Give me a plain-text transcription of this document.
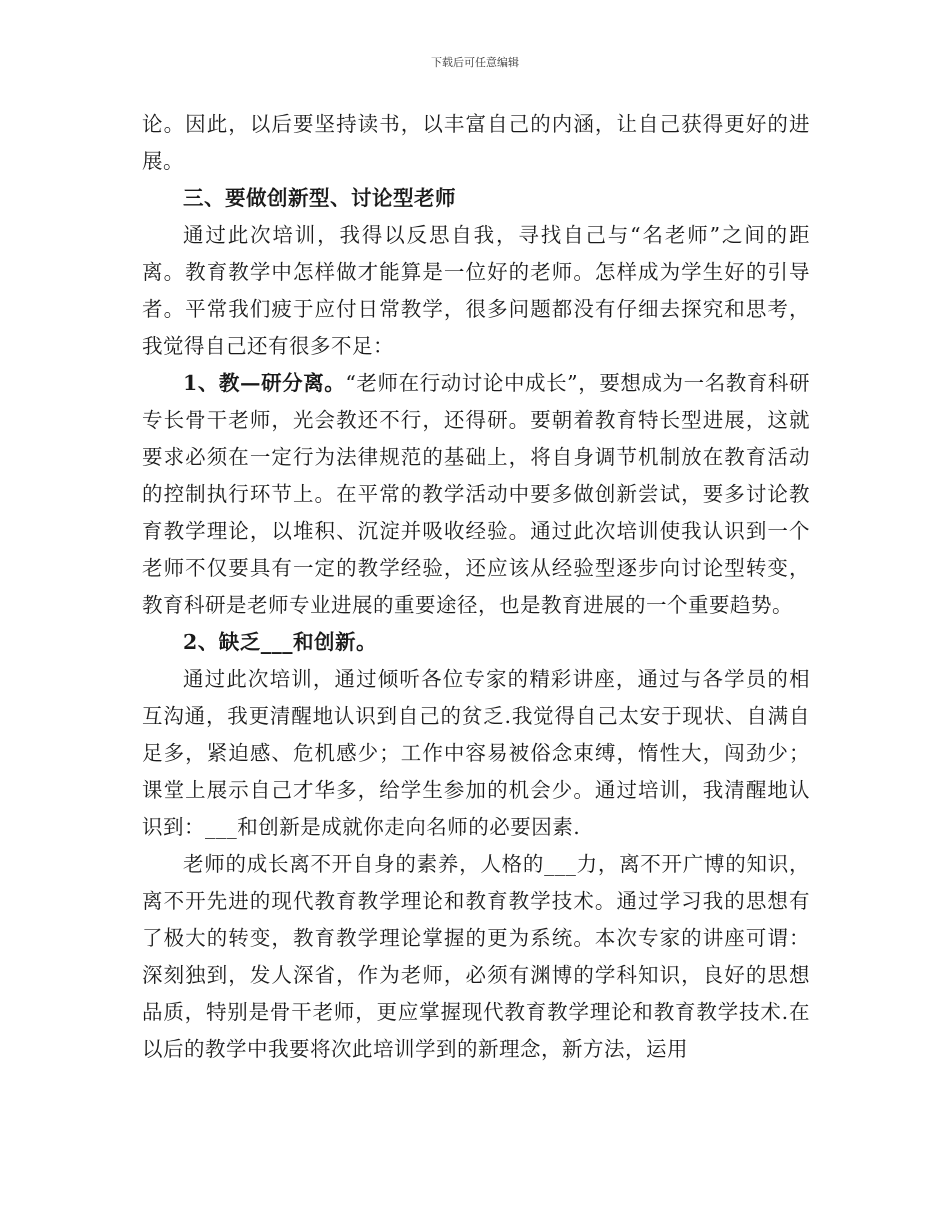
下载后可任意编辑

论。因此，以后要坚持读书，以丰富自己的内涵，让自己获得更好的进展。

三、要做创新型、讨论型老师

通过此次培训，我得以反思自我，寻找自己与“名老师”之间的距离。教育教学中怎样做才能算是一位好的老师。怎样成为学生好的引导者。平常我们疲于应付日常教学，很多问题都没有仔细去探究和思考，我觉得自己还有很多不足：

1、教—研分离。“老师在行动讨论中成长”，要想成为一名教育科研专长骨干老师，光会教还不行，还得研。要朝着教育特长型进展，这就要求必须在一定行为法律规范的基础上，将自身调节机制放在教育活动的控制执行环节上。在平常的教学活动中要多做创新尝试，要多讨论教育教学理论，以堆积、沉淀并吸收经验。通过此次培训使我认识到一个老师不仅要具有一定的教学经验，还应该从经验型逐步向讨论型转变，教育科研是老师专业进展的重要途径，也是教育进展的一个重要趋势。

2、缺乏___和创新。

通过此次培训，通过倾听各位专家的精彩讲座，通过与各学员的相互沟通，我更清醒地认识到自己的贫乏.我觉得自己太安于现状、自满自足多，紧迫感、危机感少；工作中容易被俗念束缚，惰性大，闯劲少；课堂上展示自己才华多，给学生参加的机会少。通过培训，我清醒地认识到：___和创新是成就你走向名师的必要因素.

老师的成长离不开自身的素养，人格的___力，离不开广博的知识，离不开先进的现代教育教学理论和教育教学技术。通过学习我的思想有了极大的转变，教育教学理论掌握的更为系统。本次专家的讲座可谓：深刻独到，发人深省，作为老师，必须有渊博的学科知识，良好的思想品质，特别是骨干老师，更应掌握现代教育教学理论和教育教学技术.在以后的教学中我要将次此培训学到的新理念，新方法，运用
